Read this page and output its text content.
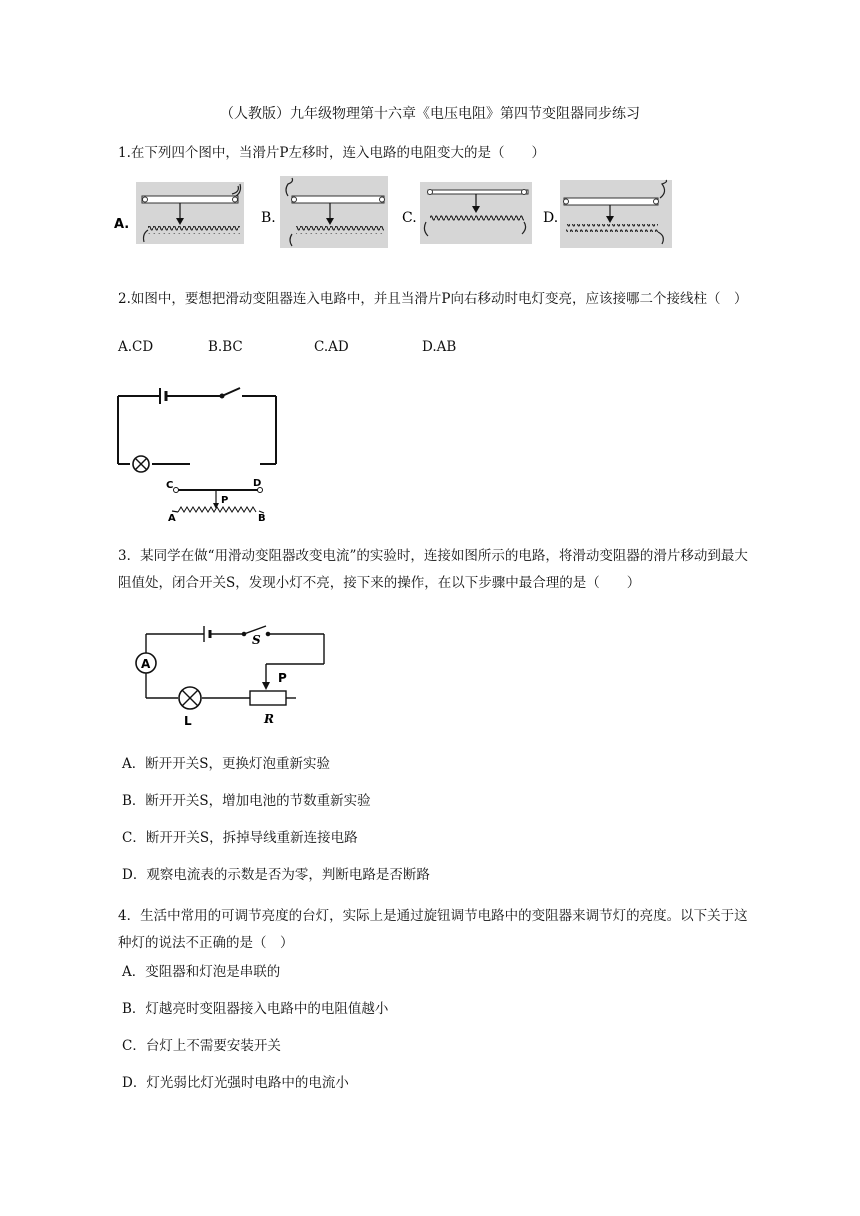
（人教版）九年级物理第十六章《电压电阻》第四节变阻器同步练习
1.在下列四个图中，当滑片P左移时，连入电路的电阻变大的是（　　）
A.	B.	C.	D.
2.如图中，要想把滑动变阻器连入电路中，并且当滑片P向右移动时电灯变亮，应该接哪二个接线柱（　）
A.CD	B.BC	C.AD	D.AB
C	D
P
A	B
3．某同学在做“用滑动变阻器改变电流”的实验时，连接如图所示的电路，将滑动变阻器的滑片移动到最大阻值处，闭合开关S，发现小灯不亮，接下来的操作，在以下步骤中最合理的是（　　）
A
S
P
L	R
A．断开开关S，更换灯泡重新实验
B．断开开关S，增加电池的节数重新实验
C．断开开关S，拆掉导线重新连接电路
D．观察电流表的示数是否为零，判断电路是否断路
4．生活中常用的可调节亮度的台灯，实际上是通过旋钮调节电路中的变阻器来调节灯的亮度。以下关于这种灯的说法不正确的是（　）
A．变阻器和灯泡是串联的
B．灯越亮时变阻器接入电路中的电阻值越小
C．台灯上不需要安装开关
D．灯光弱比灯光强时电路中的电流小
